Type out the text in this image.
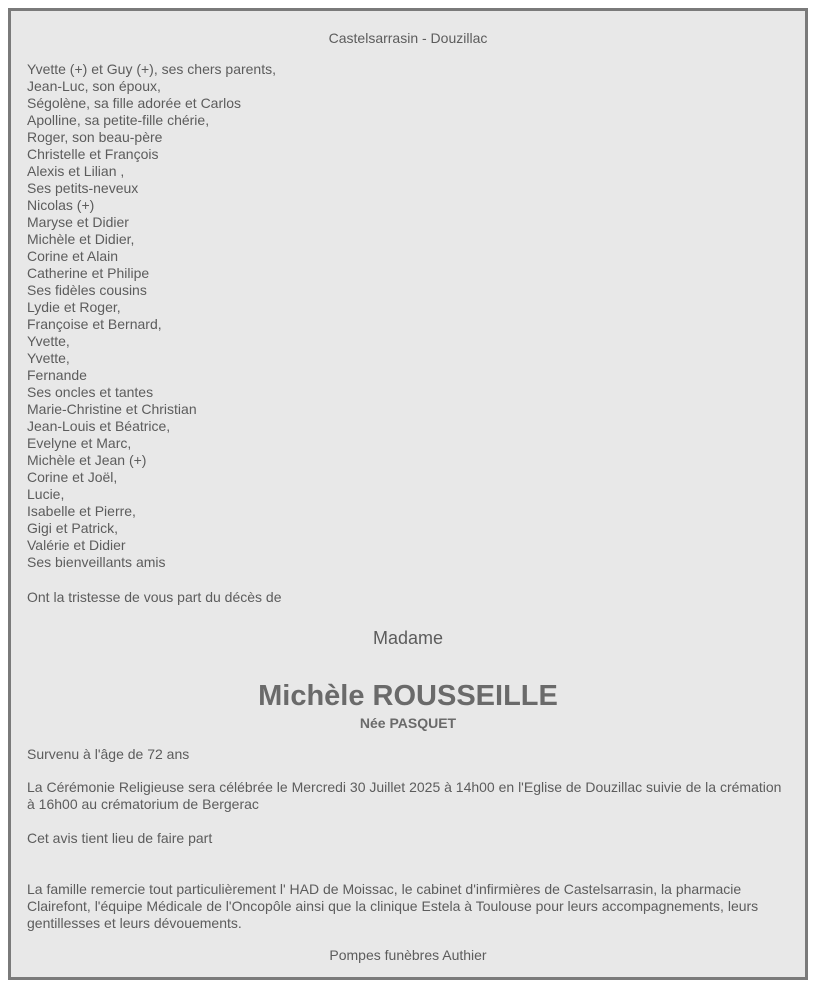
Castelsarrasin - Douzillac
Yvette (+) et Guy (+), ses chers parents,
Jean-Luc, son époux,
Ségolène, sa fille adorée et Carlos
Apolline, sa petite-fille chérie,
Roger, son beau-père
Christelle et François
Alexis et Lilian ,
Ses petits-neveux
Nicolas (+)
Maryse et Didier
Michèle et Didier,
Corine et Alain
Catherine et Philipe
Ses fidèles cousins
Lydie et Roger,
Françoise et Bernard,
Yvette,
Yvette,
Fernande
Ses oncles et tantes
Marie-Christine et Christian
Jean-Louis et Béatrice,
Evelyne et Marc,
Michèle et Jean (+)
Corine et Joël,
Lucie,
Isabelle et Pierre,
Gigi et Patrick,
Valérie et Didier
Ses bienveillants amis
Ont la tristesse de vous part du décès de
Madame
Michèle ROUSSEILLE
Née PASQUET
Survenu à l'âge de 72 ans
La Cérémonie Religieuse sera célébrée le Mercredi 30 Juillet 2025 à 14h00 en l'Eglise de Douzillac suivie de la crémation à 16h00 au crématorium de Bergerac
Cet avis tient lieu de faire part
La famille remercie tout particulièrement l' HAD de Moissac, le cabinet d'infirmières de Castelsarrasin, la pharmacie Clairefont, l'équipe Médicale de l'Oncopôle ainsi que la clinique Estela à Toulouse pour leurs accompagnements, leurs gentillesses et leurs dévouements.
Pompes funèbres Authier
